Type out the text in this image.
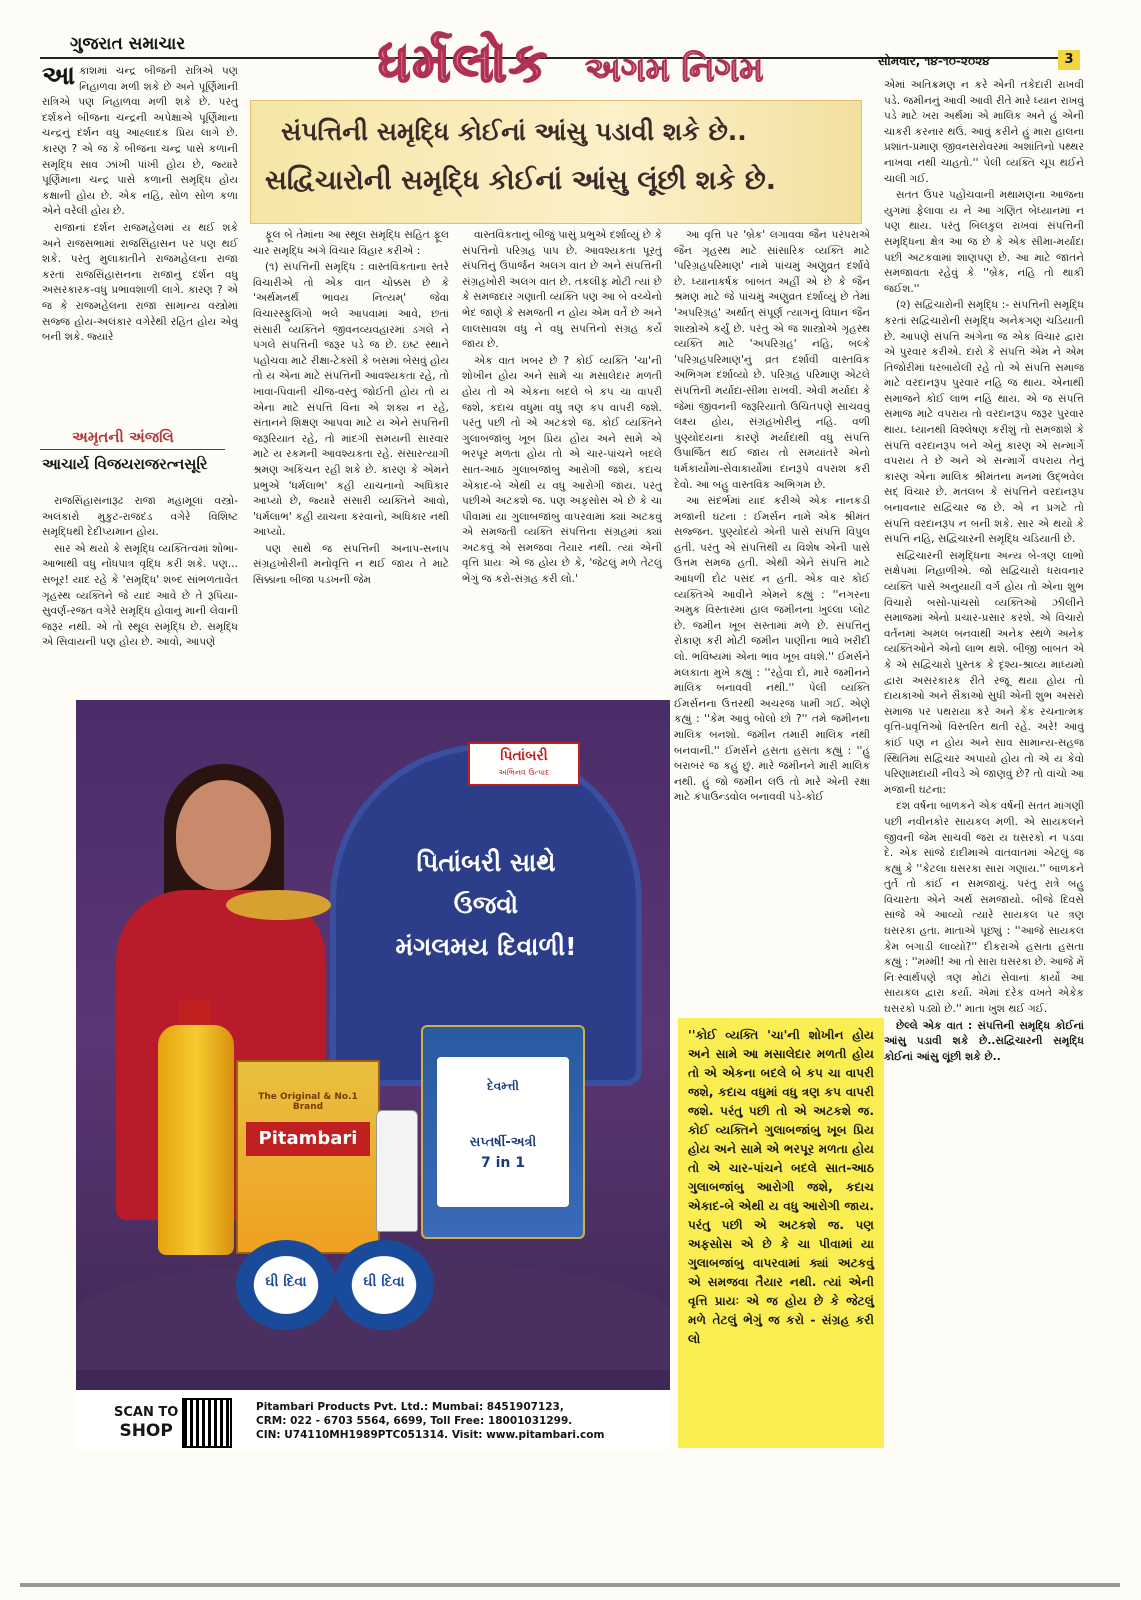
ગુજરાત સમાચાર	ધર્મલોક અગમ નિગમ	સોમવાર, ૧૪-૧૦-૨૦૨૪	3
સંપત્તિની સમૃદ્ધિ કોઈનાં આંસુ પડાવી શકે છે..
સદ્વિચારોની સમૃદ્ધિ કોઈનાં આંસુ લૂંછી શકે છે.

આકાશમાં ચન્દ્ર બીજની રાત્રિએ પણ નિહાળવા મળી શકે છે અને પૂર્ણિમાની રાત્રિએ પણ નિહાળવા મળી શકે છે. પરંતુ દર્શકને બીજના ચન્દ્રની અપેક્ષાએ પૂર્ણિમાના ચન્દ્રનું દર્શન વધુ આહ્લાદક પ્રિય લાગે છે. કારણ ? એ જ કે બીજના ચન્દ્ર પાસે કળાની સમૃદ્ધિ સાવ ઝાંખી પાંખી હોય છે, જ્યારે પૂર્ણિમાના ચન્દ્ર પાસે કળાની સમૃદ્ધિ હોય કક્ષાની હોય છે. એક નહિ, સોળ સોળ કળા એને વરેલી હોય છે.

રાજાનાં દર્શન રાજમહેલમાં ય થઈ શકે અને રાજસભામાં રાજસિંહાસન પર પણ થઈ શકે. પરંતુ મુલાકાતીને રાજમહેલના રાજા કરતાં રાજસિંહાસનના રાજાનું દર્શન વધુ અસરકારક-વધુ પ્રભાવશાળી લાગે. કારણ ? એ જ કે રાજમહેલના રાજા સામાન્ય વસ્ત્રોમાં સજ્જ હોય-અલંકાર વગેરેથી રહિત હોય એવું બની શકે. જ્યારે

અમૃતની અંજલિ
આચાર્ય વિજયરાજરત્નસૂરિ

રાજસિંહાસનારૂઢ રાજા મહામૂલાં વસ્ત્રો-અલંકારો મુકુટ-રાજદંડ વગેરે વિશિષ્ટ સમૃદ્ધિથી દેદીપ્યમાન હોય.

સાર એ થયો કે સમૃદ્ધિ વ્યક્તિત્વમાં શોભા-આભાથી વધુ નોંધપાત્ર વૃદ્ધિ કરી શકે. પણ... સબૂર! યાદ રહે કે 'સમૃદ્ધિ' શબ્દ સાંભળતાવેંત ગૃહસ્થ વ્યક્તિને જે યાદ આવે છે તે રૂપિયા-સુવર્ણ-રજત વગેરે સમૃદ્ધિ હોવાનું માની લેવાની જરૂર નથી. એ તો સ્થૂલ સમૃદ્ધિ છે. સમૃદ્ધિ એ સિવાયની પણ હોય છે. આવો, આપણે

ફૂલ બે તેમાંના આ સ્થૂલ સમૃદ્ધિ સહિત ફૂલ ચાર સમૃદ્ધિ અંગે વિચાર વિહાર કરીએ :

(૧) સંપત્તિની સમૃદ્ધિ : વાસ્તવિકતાના સ્તરે વિચારીએ તો એક વાત ચોક્કસ છે કે 'અર્થમનર્થં ભાવય નિત્યમ્' જેવા વિચારસ્ફુલિંગો ભલે આપવામાં આવે, છતાં સંસારી વ્યક્તિને જીવનવ્યવહારમાં ડગલે ને પગલે સંપત્તિની જરૂર પડે જ છે. ઇષ્ટ સ્થાને પહોંચવા માટે રીક્ષા-ટેક્સી કે બસમાં બેસવું હોય તો ય એના માટે સંપત્તિની આવશ્યકતા રહે, તો ખાવા-પિવાની ચીજ-વસ્તુ જોઈતી હોય તો ય એના માટે સંપત્તિ વિના એ શક્ય ન રહે, સંતાનને શિક્ષણ આપવા માટે ય એને સંપત્તિની જરૂરિયાત રહે, તો માંદગી સમયની સારવાર માટે ય રકમની આવશ્યકતા રહે. સંસારત્યાગી શ્રમણ અકિંચન રહી શકે છે. કારણ કે એમને પ્રભુએ 'ધર્મલાભ' કહી યાચનાનો અધિકાર આપ્યો છે, જ્યારે સંસારી વ્યક્તિને આવો, 'ધર્મલાભ' કહી યાચના કરવાનો, અધિકાર નથી આપ્યો.

પણ સાથે જ સંપત્તિની અનાપ-સનાપ સંગ્રહખોરીની મનોવૃત્તિ ન થઈ જાય તે માટે સિક્કાના બીજા પડખની જેમ

વાસ્તવિકતાનું બીજું પાસું પ્રભુએ દર્શાવ્યું છે કે સંપત્તિનો પરિગ્રહ પાપ છે. આવશ્યકતા પૂરતું સંપત્તિનું ઉપાર્જન અલગ વાત છે અને સંપત્તિની સંગ્રહખોરી અલગ વાત છે. તકલીફ મોટી ત્યાં છે કે સમજદાર ગણાતી વ્યક્તિ પણ આ બે વચ્ચેનો ભેદ જાણે કે સમજતી ન હોય એમ વર્તે છે અને લાલસાવશ વધુ ને વધુ સંપત્તિનો સંગ્રહ કર્યે જાય છે.

એક વાત ખબર છે ? કોઈ વ્યક્તિ 'ચા'ની શોખીન હોય અને સામે ચા મસાલેદાર મળતી હોય તો એ એકના બદલે બે કપ ચા વાપરી જશે, કદાચ વધુમાં વધુ ત્રણ કપ વાપરી જશે. પરંતુ પછી તો એ અટકશે જ. કોઈ વ્યક્તિને ગુલાબજાંબુ ખૂબ પ્રિય હોય અને સામે એ ભરપૂર મળતા હોય તો એ ચાર-પાંચને બદલે સાત-આઠ ગુલાબજાંબુ આરોગી જશે, કદાચ એકાદ-બે એથી ય વધુ આરોગી જાય. પરંતુ પછીએ અટકશે જ. પણ અફસોસ એ છે કે ચા પીવામાં યા ગુલાબજાંબુ વાપરવામાં ક્યાં અટકવું એ સમજતી વ્યક્તિ સંપત્તિના સંગ્રહમાં ક્યાં અટકવું એ સમજવા તૈયાર નથી. ત્યાં એની વૃત્તિ પ્રાયઃ એ જ હોય છે કે, 'જેટલું મળે તેટલું ભેગું જ કરો-સંગ્રહ કરી લો.'

આ વૃત્તિ પર 'બ્રેક' લગાવવા જૈન પરંપરાએ જૈન ગૃહસ્થ માટે સાંસારિક વ્યક્તિ માટે 'પરિગ્રહપરિમાણ' નામે પાંચમું અણુવ્રત દર્શાવે છે. ધ્યાનાકર્ષક બાબત અહીં એ છે કે જૈન શ્રમણ માટે જે પાંચમું અણુવ્રત દર્શાવ્યું છે તેમાં 'અપરિગ્રહ' અર્થાત્ સંપૂર્ણ ત્યાગનું વિધાન જૈન શાસ્ત્રોએ કર્યું છે. પરંતુ એ જ શાસ્ત્રોએ ગૃહસ્થ વ્યક્તિ માટે 'અપરિગ્રહ' નહિ, બલ્કે 'પરિગ્રહપરિમાણ'નું વ્રત દર્શાવી વાસ્તવિક અભિગમ દર્શાવ્યો છે. પરિગ્રહ પરિમાણ એટલે સંપત્તિની મર્યાદા-સીમા રાખવી. એવી મર્યાદા કે જેમાં જીવનની જરૂરિયાતો ઉચિતપણે સાચવવું લક્ષ્ય હોય, સંગ્રહખોરીનું નહિ. વળી પુણ્યોદયનાં કારણે મર્યાદાથી વધુ સંપત્તિ ઉપાર્જિત થઈ જાય તો સમયાંતરે એનો ધર્મકાર્યોમાં-સેવાકાર્યોમાં દાનરૂપે વપરાશ કરી દેવો. આ બહુ વાસ્તવિક અભિગમ છે.

આ સંદર્ભમાં યાદ કરીએ એક નાનકડી મજાની ઘટના : ઈમર્સન નામે એક શ્રીમંત સજ્જન. પુણ્યોદયે એની પાસે સંપત્તિ વિપુલ હતી. પરંતુ એ સંપત્તિથી ય વિશેષ એની પાસે ઉત્તમ સમજ હતી. એથી એને સંપત્તિ માટે આંધળી દોટ પસંદ ન હતી. એક વાર કોઈ વ્યક્તિએ આવીને એમને કહ્યું : ''નગરના અમુક વિસ્તારમાં હાલ જમીનના ખુલ્લા પ્લોટ છે. જમીન ખૂબ સસ્તામાં મળે છે. સંપત્તિનું રોકાણ કરી મોટી જમીન પાણીના ભાવે ખરીદી લો. ભવિષ્યમાં એના ભાવ ખૂબ વધશે.'' ઈમર્સને મલકાતા મુખે કહ્યું : ''રહેવા દો, મારે જમીનને માલિક બનાવવી નથી.'' પેલી વ્યક્તિ ઈમર્સનના ઉત્તરથી અચરજ પામી ગઈ. એણે કહ્યું : ''કેમ આવું બોલો છો ?'' તમે જમીનના માલિક બનશો. જમીન તમારી માલિક નથી બનવાની.'' ઈમર્સને હસતા હસતા કહ્યું : ''હું બરાબર જ કહું છું. મારે જમીનને મારી માલિક નથી. હું જો જમીન લઉં તો મારે એની રક્ષા માટે કંપાઉન્ડવોલ બનાવવી પડે-કોઈ

''કોઈ વ્યક્તિ 'ચા'ની શોખીન હોય અને સામે આ મસાલેદાર મળતી હોય તો એ એકના બદલે બે કપ ચા વાપરી જશે, કદાચ વધુમાં વધુ ત્રણ કપ વાપરી જશે. પરંતુ પછી તો એ અટકશે જ. કોઈ વ્યક્તિને ગુલાબજાંબુ ખૂબ પ્રિય હોય અને સામે એ ભરપૂર મળતા હોય તો એ ચાર-પાંચને બદલે સાત-આઠ ગુલાબજાંબુ આરોગી જશે, કદાચ એકાદ-બે એથી ય વધુ આરોગી જાય. પરંતુ પછી એ અટકશે જ. પણ અફસોસ એ છે કે ચા પીવામાં યા ગુલાબજાંબુ વાપરવામાં ક્યાં અટકવું એ સમજવા તૈયાર નથી. ત્યાં એની વૃત્તિ પ્રાયઃ એ જ હોય છે કે જેટલું મળે તેટલું ભેગું જ કરો - સંગ્રહ કરી લો

એમાં અતિક્રમણ ન કરે એની તકેદારી રાખવી પડે. જમીનનું આવી આવી રીતે મારે ધ્યાન રાખવું પડે માટે ખરા અર્થમાં એ માલિક અને હું એની ચાકરી કરનાર થઉં. આવું કરીને હું મારા હાલના પ્રશાંત-પ્રમાણ જીવનસરોવરમાં અશાંતિનો પથ્થર નાખવા નથી ચાહતો.'' પેલી વ્યક્તિ ચૂપ થઈને ચાલી ગઈ.

સતત ઉપર પહોંચવાની મથામણના આજના યુગમાં ફેલાવા ય ને આ ગણિત બેધ્યાનમાં ન પણ થાય. પરંતુ બિલકુલ રાખવાં સંપત્તિની સમૃદ્ધિના ક્ષેત્ર આ જ છે કે એક સીમા-મર્યાદા પછી અટકવામાં શાણપણ છે. આ માટે જાતને સમજાવતા રહેવું કે ''બ્રેક, નહિ તો થાકી જઈશ.''

(૨) સદ્વિચારોની સમૃદ્ધિ :- સંપત્તિની સમૃદ્ધિ કરતાં સદ્વિચારોની સમૃદ્ધિ અનેકગણ ચડિયાતી છે. આપણે સંપત્તિ અંગેના જ એક વિચાર દ્વારા એ પુરવાર કરીએ. દારો કે સંપત્તિ એમ ને એમ તિજોરીમાં ધરબાયેલી રહે તો એ સંપત્તિ સમાજ માટે વરદાનરૂપ પુરવાર નહિ જ થાય. એનાથી સમાજને કોઈ લાભ નહિ થાય. એ જ સંપત્તિ સમાજ માટે વપરાય તો વરદાનરૂપ જરૂર પુરવાર થાય. ધ્યાનથી વિશ્લેષણ કરીશું તો સમજાશે કે સંપત્તિ વરદાનરૂપ બને એનું કારણ એ સન્માર્ગે વપરાય તે છે અને એ સન્માર્ગે વપરાય તેનું કારણ એના માલિક શ્રીમંતના મનમાં ઉદ્ભવેલ સદ્ વિચાર છે. મતલબ કે સંપત્તિને વરદાનરૂપ બનાવનાર સદ્વિચાર જ છે. એ ન પ્રગટે તો સંપત્તિ વરદાનરૂપ ન બની શકે. સાર એ થયો કે સંપત્તિ નહિ, સદ્વિચારની સમૃદ્ધિ ચડિયાતી છે.

સદ્વિચારની સમૃદ્ધિના અન્ય બે-ત્રણ લાભો સંક્ષેપમાં નિહાળીએ. જો સદ્વિચારો ધરાવનાર વ્યક્તિ પાસે અનુયાયી વર્ગ હોય તો એના શુભ વિચારો બસો-પાંચસો વ્યક્તિઓ ઝીલીને સમાજમાં એનો પ્રચાર-પ્રસાર કરશે. એ વિચારો વર્તનમાં અમલ બનવાથી અનેક સ્થળે અનેક વ્યક્તિઓને એનો લાભ થશે. બીજી બાબત એ કે એ સદ્વિચારો પુસ્તક કે દૃશ્ય-શ્રાવ્ય માધ્યમો દ્વારા અસરકારક રીતે રજૂ થયા હોય તો દાયકાઓ અને સૈકાઓ સુધી એની શુભ અસરો સમાજ પર પથરાયા કરે અને કેંક રચનાત્મક વૃત્તિ-પ્રવૃત્તિઓ વિસ્તરિત થતી રહે. અરે! આવું કાંઈ પણ ન હોય અને સાવ સામાન્ય-સહજ સ્થિતિમાં સદ્વિચાર અપાયો હોય તો એ ય કેવો પરિણામદાયી નીવડે એ જાણવું છે? તો વાંચો આ મજાની ઘટના:

દશ વર્ષના બાળકને એક વર્ષની સતત માંગણી પછી નવીનકોર સાયકલ મળી. એ સાયકલને જીવની જેમ સાચવી જરા ય ઘસરકો ન પડવા દે. એક સાંજે દાદીમાએ વાતવાતમાં એટલું જ કહ્યું કે ''કેટલા ઘસરકા સારા ગણાય.'' બાળકને તુર્ત તો કાંઈ ન સમજાયું. પરંતુ રાત્રે બહુ વિચારતા એને અર્થ સમજાયો. બીજે દિવસે સાંજે એ આવ્યો ત્યારે સાયકલ પર ત્રણ ઘસરકા હતા. માતાએ પૂછ્યું : ''આજે સાયકલ કેમ બગાડી લાવ્યો?'' દીકરાએ હસતા હસતા કહ્યું : ''મમ્મી! આ તો સારા ઘસરકા છે. આજે મેં નિઃસ્વાર્થપણે ત્રણ મોટાં સેવાનાં કાર્યો આ સાયકલ દ્વારા કર્યા. એમાં દરેક વખતે એકેક ઘસરકો પડ્યો છે.'' માતા ખુશ થઈ ગઈ.

છેલ્લે એક વાત : સંપત્તિની સમૃદ્ધિ કોઈનાં આંસુ પડાવી શકે છે..સદ્વિચારની સમૃદ્ધિ કોઈનાં આંસુ લૂંછી શકે છે..

પિતાંબરી
અભિનવ ઉત્પાદ
પિતાંબરી સાથે
ઉજવો
મંગલમય દિવાળી!
The Original & No.1 Brand
Pitambari
દેવમ્ત્તી
સપ્તર્ષી-અત્રી
7 in 1
ઘી દિવા	ઘી દિવા
SCAN TO
SHOP
Pitambari Products Pvt. Ltd.: Mumbai: 8451907123,
CRM: 022 - 6703 5564, 6699, Toll Free: 18001031299.
CIN: U74110MH1989PTC051314. Visit: www.pitambari.com
